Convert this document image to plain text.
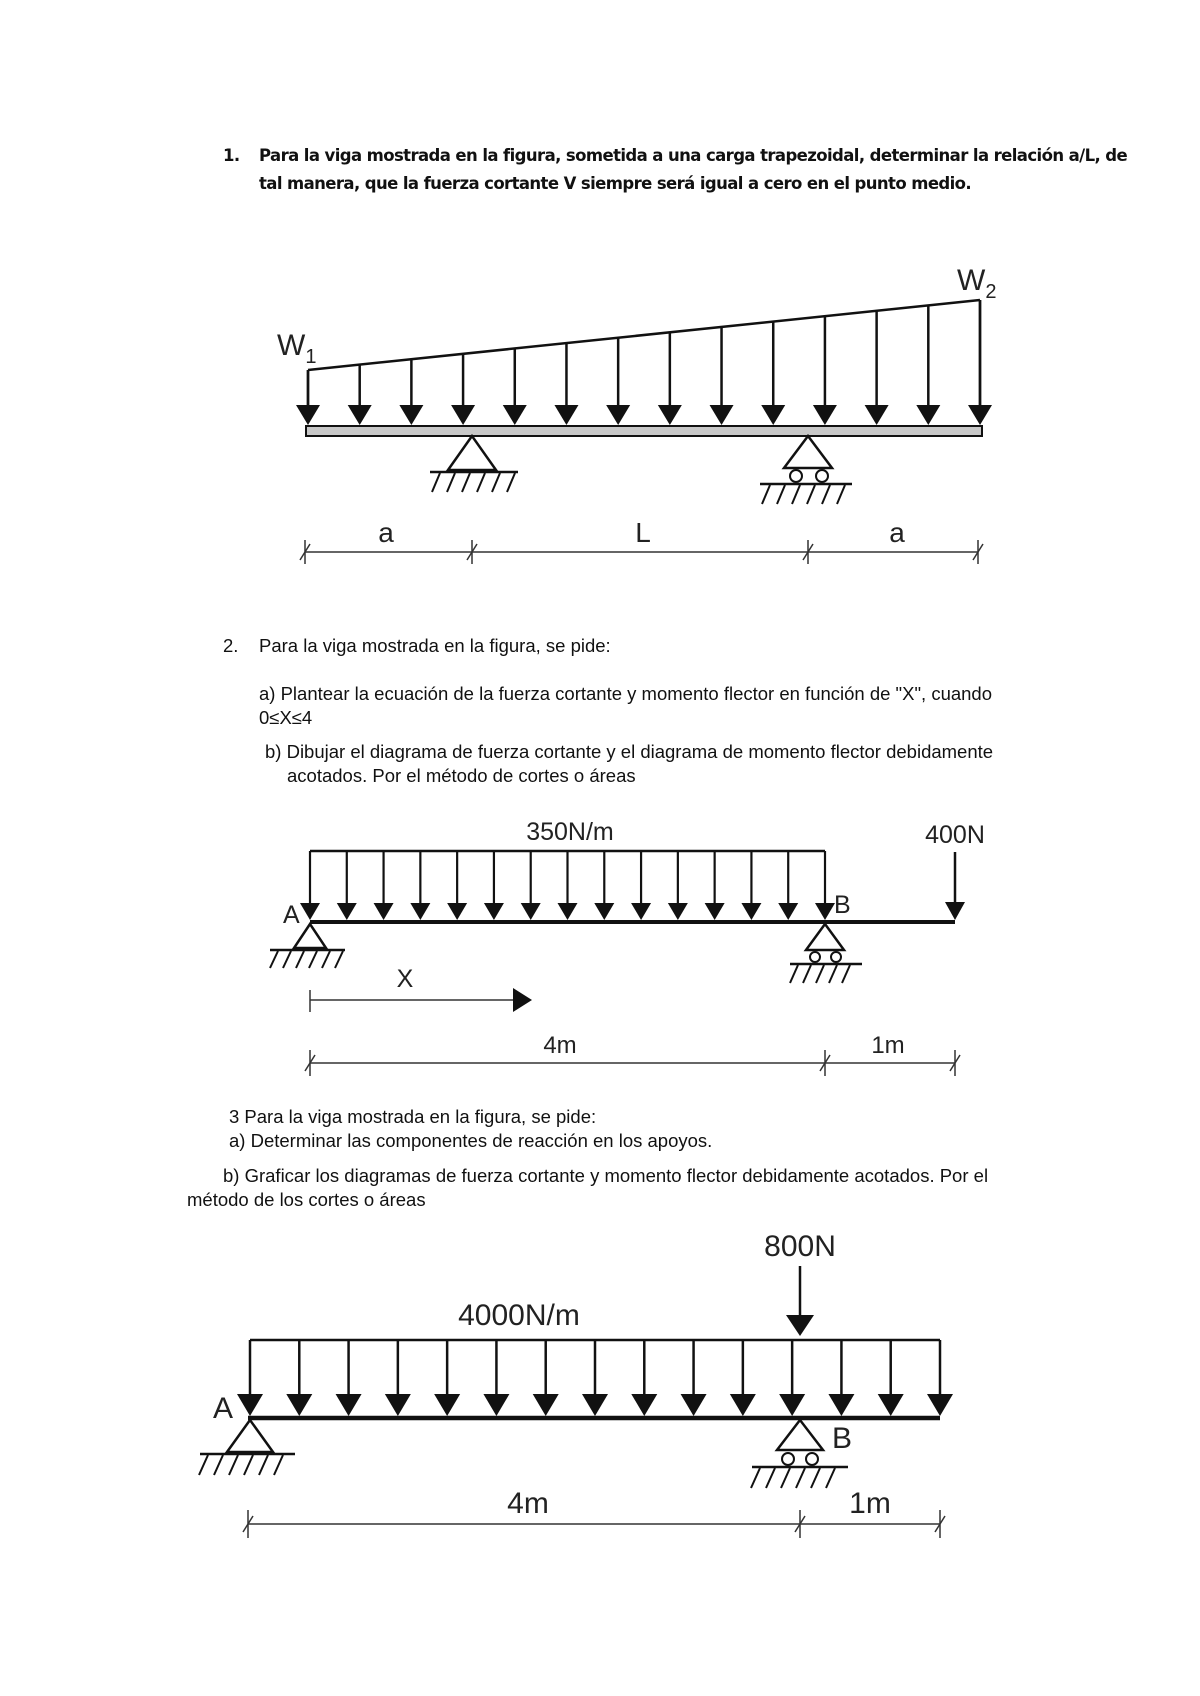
1. Para la viga mostrada en la figura, sometida a una carga trapezoidal, determinar la relación a/L, de
tal manera, que la fuerza cortante V siempre será igual a cero en el punto medio.
$W_1$
$W_2$
a	L	a
2. Para la viga mostrada en la figura, se pide:
a) Plantear la ecuación de la fuerza cortante y momento flector en función de "X", cuando
0≤X≤4
b) Dibujar el diagrama de fuerza cortante y el diagrama de momento flector debidamente
acotados. Por el método de cortes o áreas
350N/m	400N
A	B
X
4m	1m
3 Para la viga mostrada en la figura, se pide:
a) Determinar las componentes de reacción en los apoyos.
b) Graficar los diagramas de fuerza cortante y momento flector debidamente acotados. Por el
método de los cortes o áreas
800N
4000N/m
A
B
4m	1m
